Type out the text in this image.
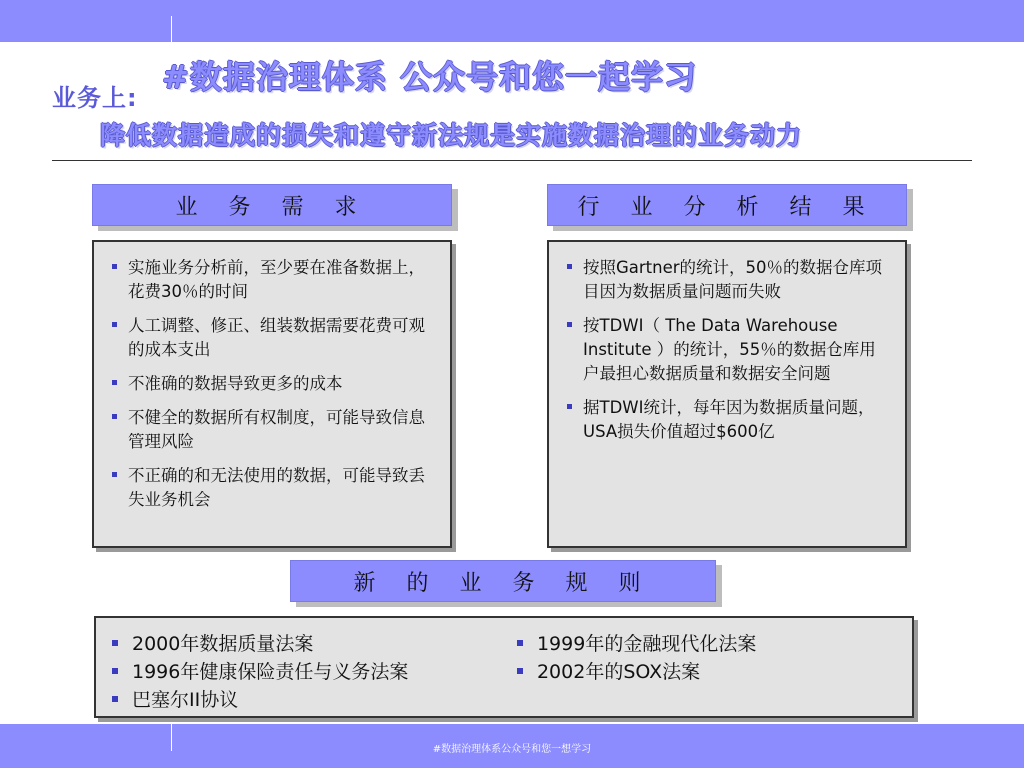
业务上:
#数据治理体系 公众号和您一起学习
降低数据造成的损失和遵守新法规是实施数据治理的业务动力
业 务 需 求
实施业务分析前，至少要在准备数据上，花费30％的时间
人工调整、修正、组装数据需要花费可观的成本支出
不准确的数据导致更多的成本
不健全的数据所有权制度，可能导致信息管理风险
不正确的和无法使用的数据，可能导致丢失业务机会
行 业 分 析 结 果
按照Gartner的统计，50％的数据仓库项目因为数据质量问题而失败
按TDWI（ The Data Warehouse Institute ）的统计，55％的数据仓库用户最担心数据质量和数据安全问题
据TDWI统计，每年因为数据质量问题，USA损失价值超过$600亿
新 的 业 务 规 则
2000年数据质量法案
1996年健康保险责任与义务法案
巴塞尔II协议
1999年的金融现代化法案
2002年的SOX法案
#数据治理体系公众号和您一想学习
